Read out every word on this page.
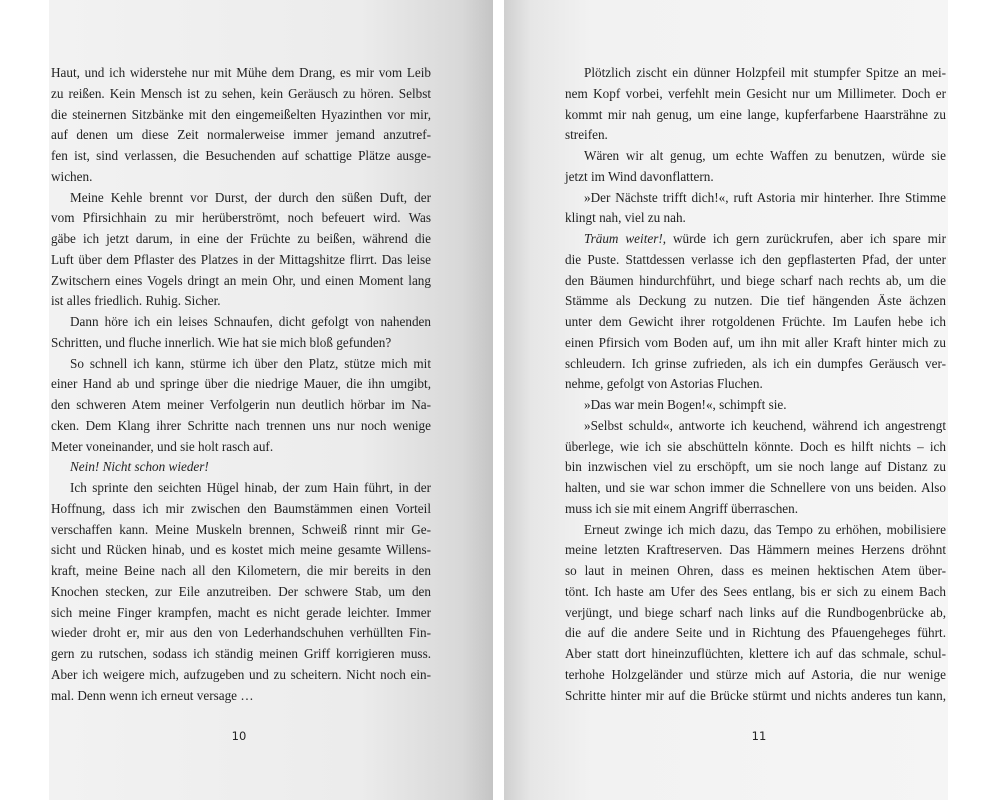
Haut, und ich widerstehe nur mit Mühe dem Drang, es mir vom Leib
zu reißen. Kein Mensch ist zu sehen, kein Geräusch zu hören. Selbst
die steinernen Sitzbänke mit den eingemeißelten Hyazinthen vor mir,
auf denen um diese Zeit normalerweise immer jemand anzutref-
fen ist, sind verlassen, die Besuchenden auf schattige Plätze ausge-
wichen.

Meine Kehle brennt vor Durst, der durch den süßen Duft, der
vom Pfirsichhain zu mir herüberströmt, noch befeuert wird. Was
gäbe ich jetzt darum, in eine der Früchte zu beißen, während die
Luft über dem Pflaster des Platzes in der Mittagshitze flirrt. Das leise
Zwitschern eines Vogels dringt an mein Ohr, und einen Moment lang
ist alles friedlich. Ruhig. Sicher.

Dann höre ich ein leises Schnaufen, dicht gefolgt von nahenden
Schritten, und fluche innerlich. Wie hat sie mich bloß gefunden?

So schnell ich kann, stürme ich über den Platz, stütze mich mit
einer Hand ab und springe über die niedrige Mauer, die ihn umgibt,
den schweren Atem meiner Verfolgerin nun deutlich hörbar im Na-
cken. Dem Klang ihrer Schritte nach trennen uns nur noch wenige
Meter voneinander, und sie holt rasch auf.

Nein! Nicht schon wieder!

Ich sprinte den seichten Hügel hinab, der zum Hain führt, in der
Hoffnung, dass ich mir zwischen den Baumstämmen einen Vorteil
verschaffen kann. Meine Muskeln brennen, Schweiß rinnt mir Ge-
sicht und Rücken hinab, und es kostet mich meine gesamte Willens-
kraft, meine Beine nach all den Kilometern, die mir bereits in den
Knochen stecken, zur Eile anzutreiben. Der schwere Stab, um den
sich meine Finger krampfen, macht es nicht gerade leichter. Immer
wieder droht er, mir aus den von Lederhandschuhen verhüllten Fin-
gern zu rutschen, sodass ich ständig meinen Griff korrigieren muss.
Aber ich weigere mich, aufzugeben und zu scheitern. Nicht noch ein-
mal. Denn wenn ich erneut versage …

10

Plötzlich zischt ein dünner Holzpfeil mit stumpfer Spitze an mei-
nem Kopf vorbei, verfehlt mein Gesicht nur um Millimeter. Doch er
kommt mir nah genug, um eine lange, kupferfarbene Haarsträhne zu
streifen.

Wären wir alt genug, um echte Waffen zu benutzen, würde sie
jetzt im Wind davonflattern.

»Der Nächste trifft dich!«, ruft Astoria mir hinterher. Ihre Stimme
klingt nah, viel zu nah.

Träum weiter!, würde ich gern zurückrufen, aber ich spare mir
die Puste. Stattdessen verlasse ich den gepflasterten Pfad, der unter
den Bäumen hindurchführt, und biege scharf nach rechts ab, um die
Stämme als Deckung zu nutzen. Die tief hängenden Äste ächzen
unter dem Gewicht ihrer rotgoldenen Früchte. Im Laufen hebe ich
einen Pfirsich vom Boden auf, um ihn mit aller Kraft hinter mich zu
schleudern. Ich grinse zufrieden, als ich ein dumpfes Geräusch ver-
nehme, gefolgt von Astorias Fluchen.

»Das war mein Bogen!«, schimpft sie.

»Selbst schuld«, antworte ich keuchend, während ich angestrengt
überlege, wie ich sie abschütteln könnte. Doch es hilft nichts – ich
bin inzwischen viel zu erschöpft, um sie noch lange auf Distanz zu
halten, und sie war schon immer die Schnellere von uns beiden. Also
muss ich sie mit einem Angriff überraschen.

Erneut zwinge ich mich dazu, das Tempo zu erhöhen, mobilisiere
meine letzten Kraftreserven. Das Hämmern meines Herzens dröhnt
so laut in meinen Ohren, dass es meinen hektischen Atem über-
tönt. Ich haste am Ufer des Sees entlang, bis er sich zu einem Bach
verjüngt, und biege scharf nach links auf die Rundbogenbrücke ab,
die auf die andere Seite und in Richtung des Pfauengeheges führt.
Aber statt dort hineinzuflüchten, klettere ich auf das schmale, schul-
terhohe Holzgeländer und stürze mich auf Astoria, die nur wenige
Schritte hinter mir auf die Brücke stürmt und nichts anderes tun kann,

11
